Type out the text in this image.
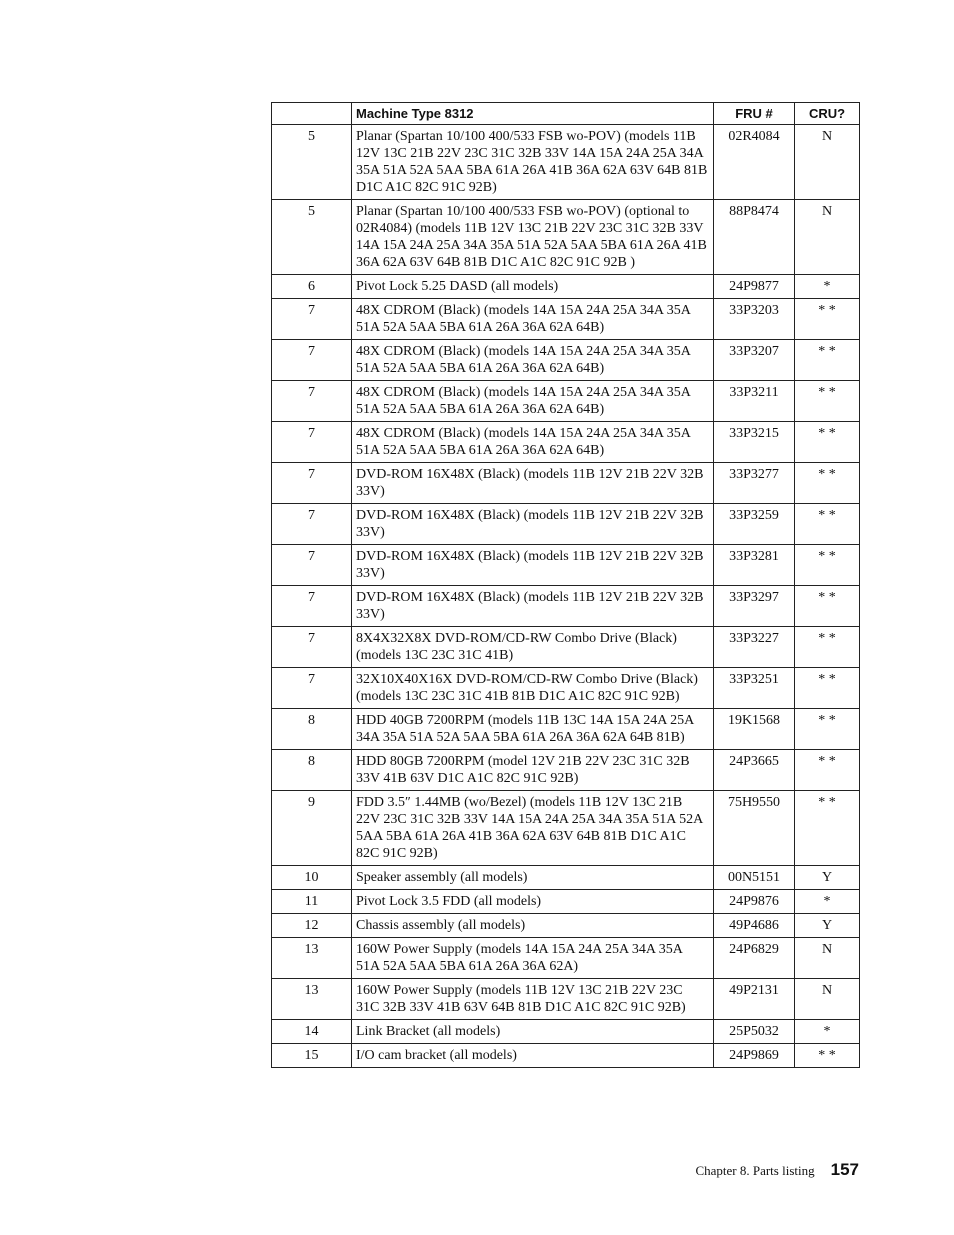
	Machine Type 8312	FRU #	CRU?
5	Planar (Spartan 10/100 400/533 FSB wo-POV) (models 11B 12V 13C 21B 22V 23C 31C 32B 33V 14A 15A 24A 25A 34A 35A 51A 52A 5AA 5BA 61A 26A 41B 36A 62A 63V 64B 81B D1C A1C 82C 91C 92B)	02R4084	N
5	Planar (Spartan 10/100 400/533 FSB wo-POV) (optional to 02R4084) (models 11B 12V 13C 21B 22V 23C 31C 32B 33V 14A 15A 24A 25A 34A 35A 51A 52A 5AA 5BA 61A 26A 41B 36A 62A 63V 64B 81B D1C A1C 82C 91C 92B )	88P8474	N
6	Pivot Lock 5.25 DASD (all models)	24P9877	*
7	48X CDROM (Black) (models 14A 15A 24A 25A 34A 35A 51A 52A 5AA 5BA 61A 26A 36A 62A 64B)	33P3203	* *
7	48X CDROM (Black) (models 14A 15A 24A 25A 34A 35A 51A 52A 5AA 5BA 61A 26A 36A 62A 64B)	33P3207	* *
7	48X CDROM (Black) (models 14A 15A 24A 25A 34A 35A 51A 52A 5AA 5BA 61A 26A 36A 62A 64B)	33P3211	* *
7	48X CDROM (Black) (models 14A 15A 24A 25A 34A 35A 51A 52A 5AA 5BA 61A 26A 36A 62A 64B)	33P3215	* *
7	DVD-ROM 16X48X (Black) (models 11B 12V 21B 22V 32B 33V)	33P3277	* *
7	DVD-ROM 16X48X (Black) (models 11B 12V 21B 22V 32B 33V)	33P3259	* *
7	DVD-ROM 16X48X (Black) (models 11B 12V 21B 22V 32B 33V)	33P3281	* *
7	DVD-ROM 16X48X (Black) (models 11B 12V 21B 22V 32B 33V)	33P3297	* *
7	8X4X32X8X DVD-ROM/CD-RW Combo Drive (Black) (models 13C 23C 31C 41B)	33P3227	* *
7	32X10X40X16X DVD-ROM/CD-RW Combo Drive (Black) (models 13C 23C 31C 41B 81B D1C A1C 82C 91C 92B)	33P3251	* *
8	HDD 40GB 7200RPM (models 11B 13C 14A 15A 24A 25A 34A 35A 51A 52A 5AA 5BA 61A 26A 36A 62A 64B 81B)	19K1568	* *
8	HDD 80GB 7200RPM (model 12V 21B 22V 23C 31C 32B 33V 41B 63V D1C A1C 82C 91C 92B)	24P3665	* *
9	FDD 3.5″ 1.44MB (wo/Bezel) (models 11B 12V 13C 21B 22V 23C 31C 32B 33V 14A 15A 24A 25A 34A 35A 51A 52A 5AA 5BA 61A 26A 41B 36A 62A 63V 64B 81B D1C A1C 82C 91C 92B)	75H9550	* *
10	Speaker assembly (all models)	00N5151	Y
11	Pivot Lock 3.5 FDD (all models)	24P9876	*
12	Chassis assembly (all models)	49P4686	Y
13	160W Power Supply (models 14A 15A 24A 25A 34A 35A 51A 52A 5AA 5BA 61A 26A 36A 62A)	24P6829	N
13	160W Power Supply (models 11B 12V 13C 21B 22V 23C 31C 32B 33V 41B 63V 64B 81B D1C A1C 82C 91C 92B)	49P2131	N
14	Link Bracket (all models)	25P5032	*
15	I/O cam bracket (all models)	24P9869	* *
Chapter 8. Parts listing 157
